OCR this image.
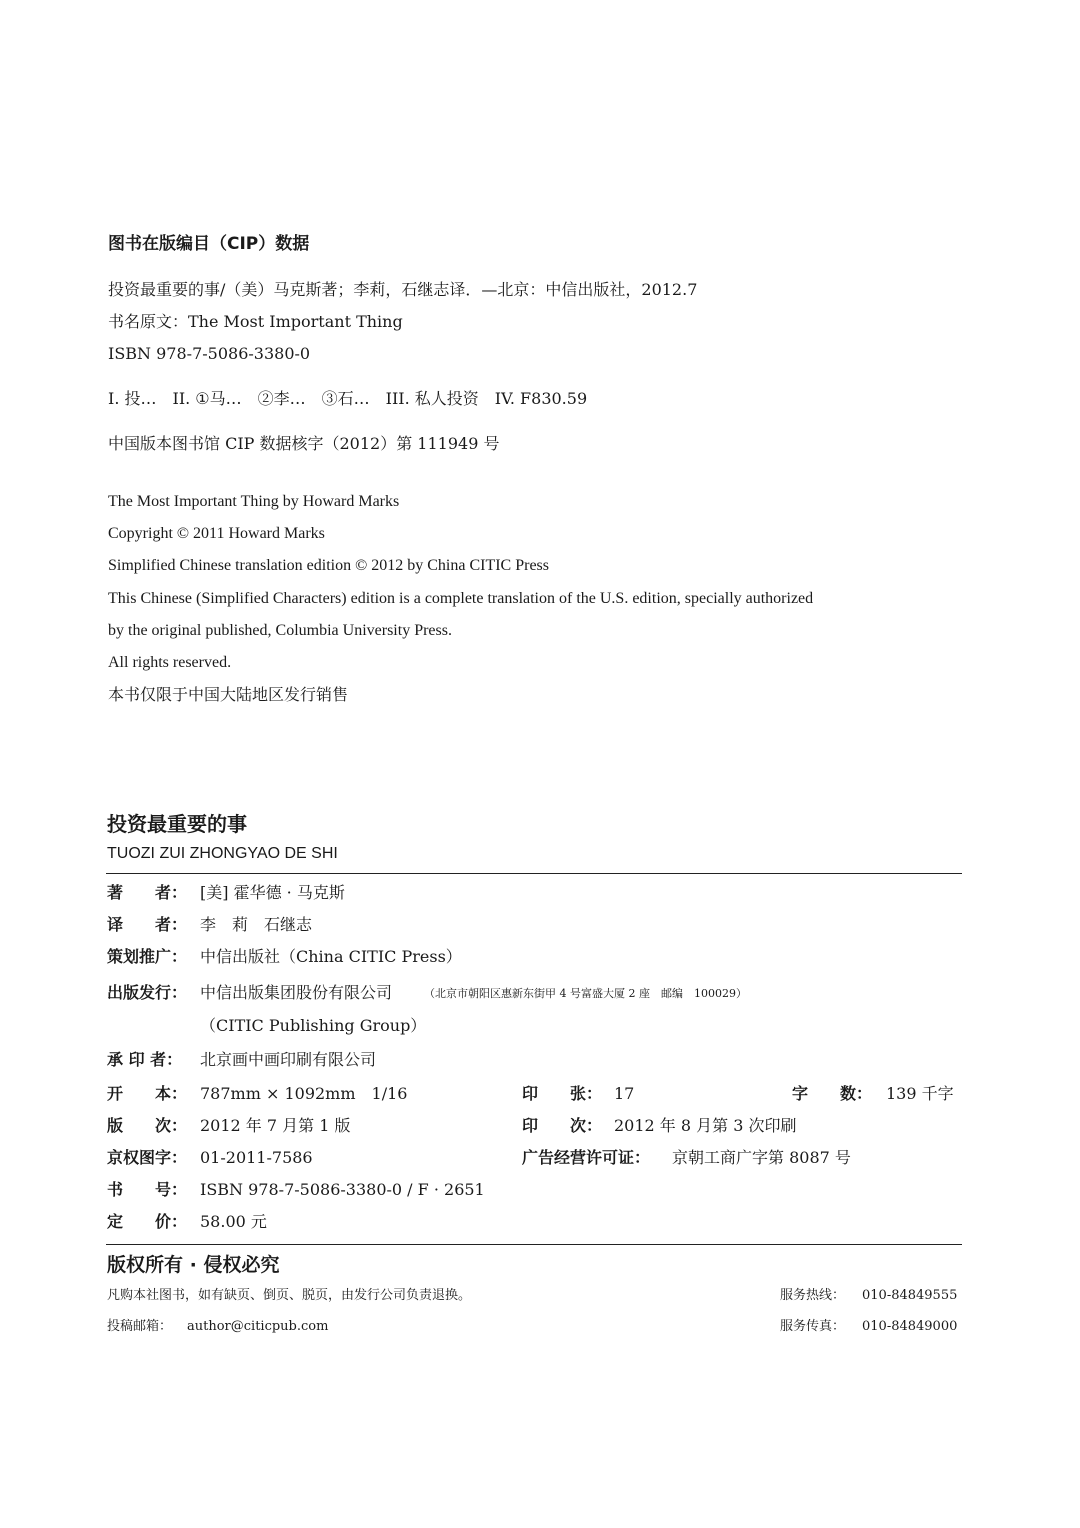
图书在版编目（CIP）数据
投资最重要的事/（美）马克斯著；李莉，石继志译．—北京：中信出版社，2012.7
书名原文：The Most Important Thing
ISBN 978-7-5086-3380-0
I. 投…　II. ①马…　②李…　③石…　III. 私人投资　IV. F830.59
中国版本图书馆 CIP 数据核字（2012）第 111949 号
The Most Important Thing by Howard Marks
Copyright © 2011 Howard Marks
Simplified Chinese translation edition © 2012 by China CITIC Press
This Chinese (Simplified Characters) edition is a complete translation of the U.S. edition, specially authorized
by the original published, Columbia University Press.
All rights reserved.
本书仅限于中国大陆地区发行销售
投资最重要的事
TUOZI ZUI ZHONGYAO DE SHI
著　　者： [美] 霍华德 · 马克斯
译　　者： 李　莉　石继志
策划推广： 中信出版社（China CITIC Press）
出版发行： 中信出版集团股份有限公司	（北京市朝阳区惠新东街甲 4 号富盛大厦 2 座　邮编　100029）
（CITIC Publishing Group）
承 印 者： 北京画中画印刷有限公司
开　　本： 787mm × 1092mm　1/16	印　　张： 17	字　　数： 139 千字
版　　次： 2012 年 7 月第 1 版	印　　次： 2012 年 8 月第 3 次印刷
京权图字： 01-2011-7586	广告经营许可证： 京朝工商广字第 8087 号
书　　号： ISBN 978-7-5086-3380-0 / F · 2651
定　　价： 58.00 元
版权所有 · 侵权必究
凡购本社图书，如有缺页、倒页、脱页，由发行公司负责退换。	服务热线： 010-84849555
投稿邮箱： author@citicpub.com	服务传真： 010-84849000
